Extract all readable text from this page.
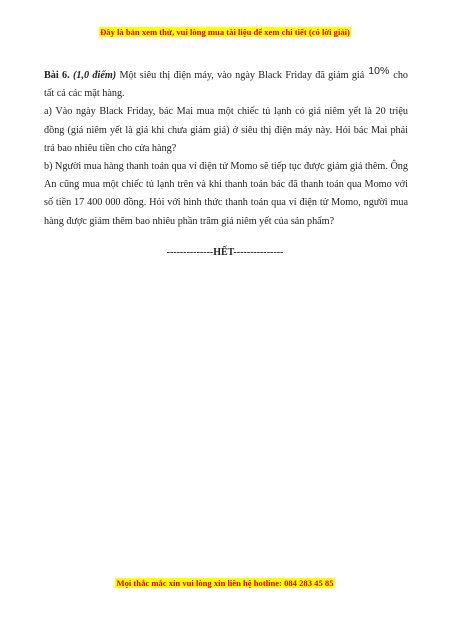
Đây là bản xem thử, vui lòng mua tài liệu để xem chi tiết (có lời giải)

Bài 6. (1,0 điểm) Một siêu thị điện máy, vào ngày Black Friday đã giảm giá 10% cho tất cả các mặt hàng.

a) Vào ngày Black Friday, bác Mai mua một chiếc tủ lạnh có giá niêm yết là 20 triệu đồng (giá niêm yết là giá khi chưa giảm giá) ở siêu thị điện máy này. Hỏi bác Mai phải trả bao nhiêu tiền cho cửa hàng?

b) Người mua hàng thanh toán qua ví điện tử Momo sẽ tiếp tục được giảm giá thêm. Ông An cũng mua một chiếc tủ lạnh trên và khi thanh toán bác đã thanh toán qua Momo với số tiền 17 400 000 đồng. Hỏi với hình thức thanh toán qua ví điện tử Momo, người mua hàng được giảm thêm bao nhiêu phần trăm giá niêm yết của sản phẩm?

--------------HẾT---------------
Mọi thắc mắc xin vui lòng xin liên hệ hotline: 084 283 45 85
